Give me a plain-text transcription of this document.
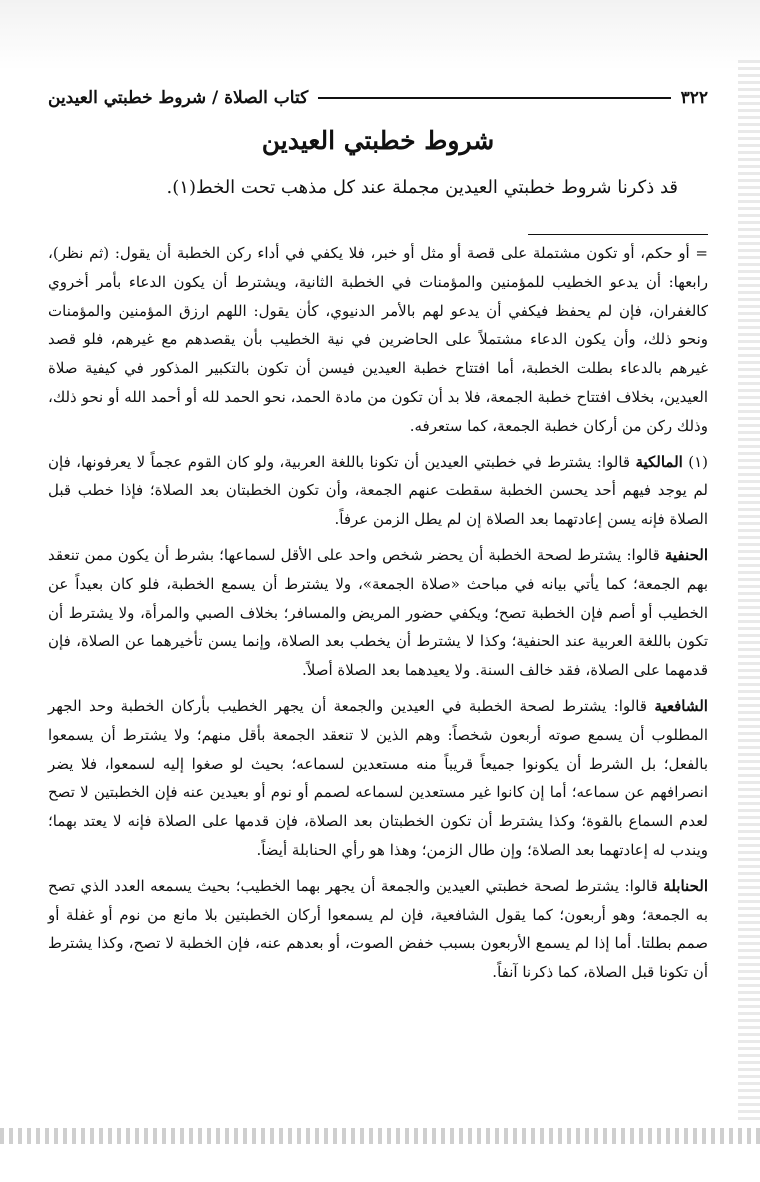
٣٢٢
كتاب الصلاة / شروط خطبتي العيدين
شروط خطبتي العيدين
قد ذكرنا شروط خطبتي العيدين مجملة عند كل مذهب تحت الخط(١).

= أو حكم، أو تكون مشتملة على قصة أو مثل أو خبر، فلا يكفي في أداء ركن الخطبة أن يقول: (ثم نظر)، رابعها: أن يدعو الخطيب للمؤمنين والمؤمنات في الخطبة الثانية، ويشترط أن يكون الدعاء بأمر أخروي كالغفران، فإن لم يحفظ فيكفي أن يدعو لهم بالأمر الدنيوي، كأن يقول: اللهم ارزق المؤمنين والمؤمنات ونحو ذلك، وأن يكون الدعاء مشتملاً على الحاضرين في نية الخطيب بأن يقصدهم مع غيرهم، فلو قصد غيرهم بالدعاء بطلت الخطبة، أما افتتاح خطبة العيدين فيسن أن تكون بالتكبير المذكور في كيفية صلاة العيدين، بخلاف افتتاح خطبة الجمعة، فلا بد أن تكون من مادة الحمد، نحو الحمد لله أو أحمد الله أو نحو ذلك، وذلك ركن من أركان خطبة الجمعة، كما ستعرفه.

(١) المالكية قالوا: يشترط في خطبتي العيدين أن تكونا باللغة العربية، ولو كان القوم عجماً لا يعرفونها، فإن لم يوجد فيهم أحد يحسن الخطبة سقطت عنهم الجمعة، وأن تكون الخطبتان بعد الصلاة؛ فإذا خطب قبل الصلاة فإنه يسن إعادتهما بعد الصلاة إن لم يطل الزمن عرفاً.

الحنفية قالوا: يشترط لصحة الخطبة أن يحضر شخص واحد على الأقل لسماعها؛ بشرط أن يكون ممن تنعقد بهم الجمعة؛ كما يأتي بيانه في مباحث «صلاة الجمعة»، ولا يشترط أن يسمع الخطبة، فلو كان بعيداً عن الخطيب أو أصم فإن الخطبة تصح؛ ويكفي حضور المريض والمسافر؛ بخلاف الصبي والمرأة، ولا يشترط أن تكون باللغة العربية عند الحنفية؛ وكذا لا يشترط أن يخطب بعد الصلاة، وإنما يسن تأخيرهما عن الصلاة، فإن قدمهما على الصلاة، فقد خالف السنة. ولا يعيدهما بعد الصلاة أصلاً.

الشافعية قالوا: يشترط لصحة الخطبة في العيدين والجمعة أن يجهر الخطيب بأركان الخطبة وحد الجهر المطلوب أن يسمع صوته أربعون شخصاً: وهم الذين لا تنعقد الجمعة بأقل منهم؛ ولا يشترط أن يسمعوا بالفعل؛ بل الشرط أن يكونوا جميعاً قريباً منه مستعدين لسماعه؛ بحيث لو صغوا إليه لسمعوا، فلا يضر انصرافهم عن سماعه؛ أما إن كانوا غير مستعدين لسماعه لصمم أو نوم أو بعيدين عنه فإن الخطبتين لا تصح لعدم السماع بالقوة؛ وكذا يشترط أن تكون الخطبتان بعد الصلاة، فإن قدمها على الصلاة فإنه لا يعتد بهما؛ ويندب له إعادتهما بعد الصلاة؛ وإن طال الزمن؛ وهذا هو رأي الحنابلة أيضاً.

الحنابلة قالوا: يشترط لصحة خطبتي العيدين والجمعة أن يجهر بهما الخطيب؛ بحيث يسمعه العدد الذي تصح به الجمعة؛ وهو أربعون؛ كما يقول الشافعية، فإن لم يسمعوا أركان الخطبتين بلا مانع من نوم أو غفلة أو صمم بطلتا. أما إذا لم يسمع الأربعون بسبب خفض الصوت، أو بعدهم عنه، فإن الخطبة لا تصح، وكذا يشترط أن تكونا قبل الصلاة، كما ذكرنا آنفاً.
